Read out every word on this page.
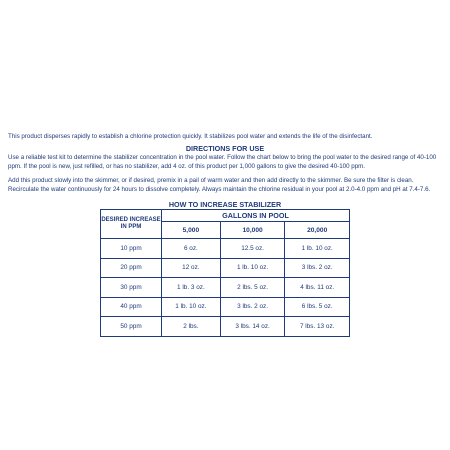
This product disperses rapidly to establish a chlorine protection quickly. It stabilizes pool water and extends the life of the disinfectant.
DIRECTIONS FOR USE
Use a reliable test kit to determine the stabilizer concentration in the pool water. Follow the chart below to bring the pool water to the desired range of 40-100 ppm. If the pool is new, just refilled, or has no stabilizer, add 4 oz. of this product per 1,000 gallons to give the desired 40-100 ppm.
Add this product slowly into the skimmer, or if desired, premix in a pail of warm water and then add directly to the skimmer. Be sure the filter is clean. Recirculate the water continuously for 24 hours to dissolve completely. Always maintain the chlorine residual in your pool at 2.0-4.0 ppm and pH at 7.4-7.6.
HOW TO INCREASE STABILIZER
DESIRED INCREASE IN PPM	GALLONS IN POOL		
	5,000	10,000	20,000
10 ppm	6 oz.	12.5 oz.	1 lb. 10 oz.
20 ppm	12 oz.	1 lb. 10 oz.	3 lbs. 2 oz.
30 ppm	1 lb. 3 oz.	2 lbs. 5 oz.	4 lbs. 11 oz.
40 ppm	1 lb. 10 oz.	3 lbs. 2 oz.	6 lbs. 5 oz.
50 ppm	2 lbs.	3 lbs. 14 oz.	7 lbs. 13 oz.
